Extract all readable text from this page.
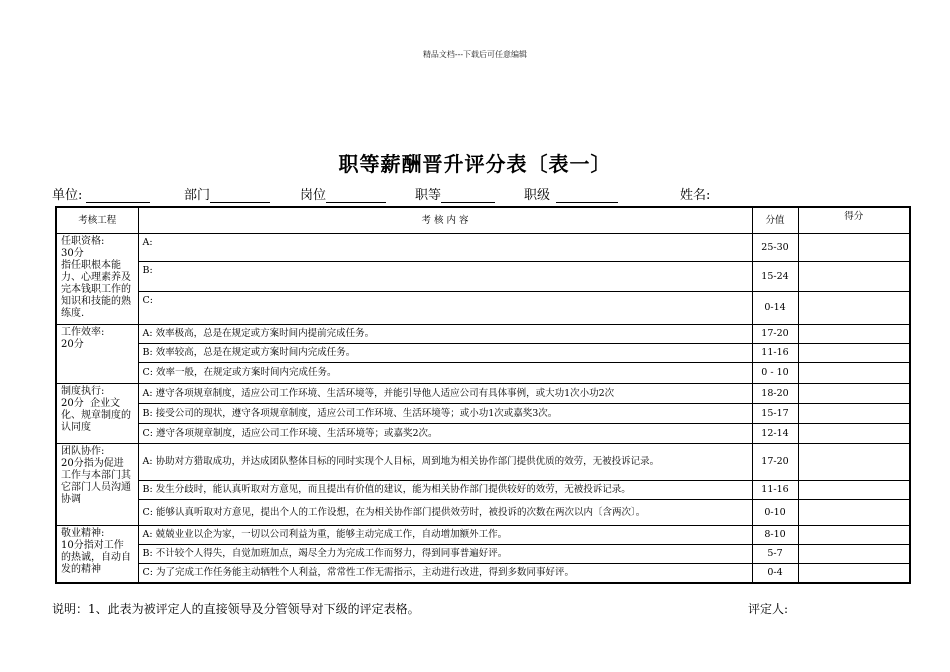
精品文档---下载后可任意编辑
职等薪酬晋升评分表〔表一〕
单位:	部门	岗位	职等	职级	姓名:
考核工程	考 核 内 容	分值	得分
任职资格:
30分
指任职根本能力、心理素养及完本钱职工作的知识和技能的熟练度.	A:	25-30	
	B:	15-24	
	C:	0-14	
工作效率:
20分	A: 效率极高，总是在规定或方案时间内提前完成任务。	17-20	
	B: 效率较高，总是在规定或方案时间内完成任务。	11-16	
	C: 效率一般，在规定或方案时间内完成任务。	0 - 10	
制度执行:
20分  企业文化、规章制度的认同度	A: 遵守各项规章制度，适应公司工作环境、生活环境等，并能引导他人适应公司有具体事例，或大功1次小功2次	18-20	
	B: 接受公司的现状，遵守各项规章制度，适应公司工作环境、生活环境等；或小功1次或嘉奖3次。	15-17	
	C: 遵守各项规章制度，适应公司工作环境、生活环境等；或嘉奖2次。	12-14	
团队协作:
20分指为促进工作与本部门其它部门人员沟通协调	A: 协助对方猎取成功，并达成团队整体目标的同时实现个人目标，周到地为相关协作部门提供优质的效劳，无被投诉记录。	17-20	
	B: 发生分歧时，能认真听取对方意见，而且提出有价值的建议，能为相关协作部门提供较好的效劳，无被投诉记录。	11-16	
	C: 能够认真听取对方意见，提出个人的工作设想，在为相关协作部门提供效劳时，被投诉的次数在两次以内〔含两次〕。	0-10	
敬业精神:
10分指对工作的热诚，自动自发的精神	A: 兢兢业业以企为家，一切以公司利益为重，能够主动完成工作，自动增加额外工作。	8-10	
	B: 不计较个人得失，自觉加班加点，竭尽全力为完成工作而努力，得到同事普遍好评。	5-7	
	C: 为了完成工作任务能主动牺牲个人利益，常常性工作无需指示，主动进行改进，得到多数同事好评。	0-4	
说明：1、此表为被评定人的直接领导及分管领导对下级的评定表格。	评定人:
